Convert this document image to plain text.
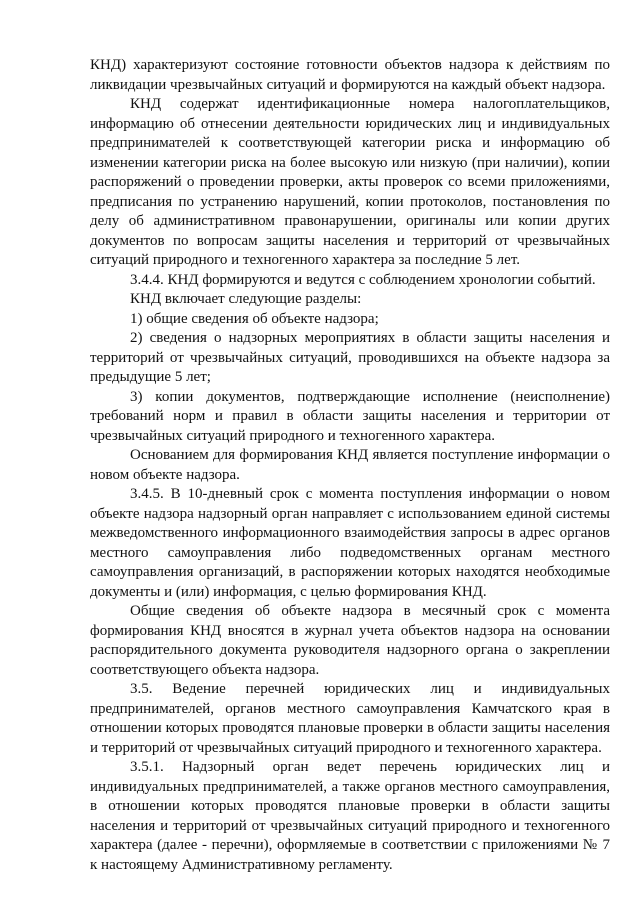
КНД) характеризуют состояние готовности объектов надзора к действиям по ликвидации чрезвычайных ситуаций и формируются на каждый объект надзора.

КНД содержат идентификационные номера налогоплательщиков, информацию об отнесении деятельности юридических лиц и индивидуальных предпринимателей к соответствующей категории риска и информацию об изменении категории риска на более высокую или низкую (при наличии), копии распоряжений о проведении проверки, акты проверок со всеми приложениями, предписания по устранению нарушений, копии протоколов, постановления по делу об административном правонарушении, оригиналы или копии других документов по вопросам защиты населения и территорий от чрезвычайных ситуаций природного и техногенного характера за последние 5 лет.

3.4.4. КНД формируются и ведутся с соблюдением хронологии событий.

КНД включает следующие разделы:

1) общие сведения об объекте надзора;

2) сведения о надзорных мероприятиях в области защиты населения и территорий от чрезвычайных ситуаций, проводившихся на объекте надзора за предыдущие 5 лет;

3) копии документов, подтверждающие исполнение (неисполнение) требований норм и правил в области защиты населения и территории от чрезвычайных ситуаций природного и техногенного характера.

Основанием для формирования КНД является поступление информации о новом объекте надзора.

3.4.5. В 10-дневный срок с момента поступления информации о новом объекте надзора надзорный орган направляет с использованием единой системы межведомственного информационного взаимодействия запросы в адрес органов местного самоуправления либо подведомственных органам местного самоуправления организаций, в распоряжении которых находятся необходимые документы и (или) информация, с целью формирования КНД.

Общие сведения об объекте надзора в месячный срок с момента формирования КНД вносятся в журнал учета объектов надзора на основании распорядительного документа руководителя надзорного органа о закреплении соответствующего объекта надзора.

3.5. Ведение перечней юридических лиц и индивидуальных предпринимателей, органов местного самоуправления Камчатского края в отношении которых проводятся плановые проверки в области защиты населения и территорий от чрезвычайных ситуаций природного и техногенного характера.

3.5.1. Надзорный орган ведет перечень юридических лиц и индивидуальных предпринимателей, а также органов местного самоуправления, в отношении которых проводятся плановые проверки в области защиты населения и территорий от чрезвычайных ситуаций природного и техногенного характера (далее - перечни), оформляемые в соответствии с приложениями № 7 к настоящему Административному регламенту.
